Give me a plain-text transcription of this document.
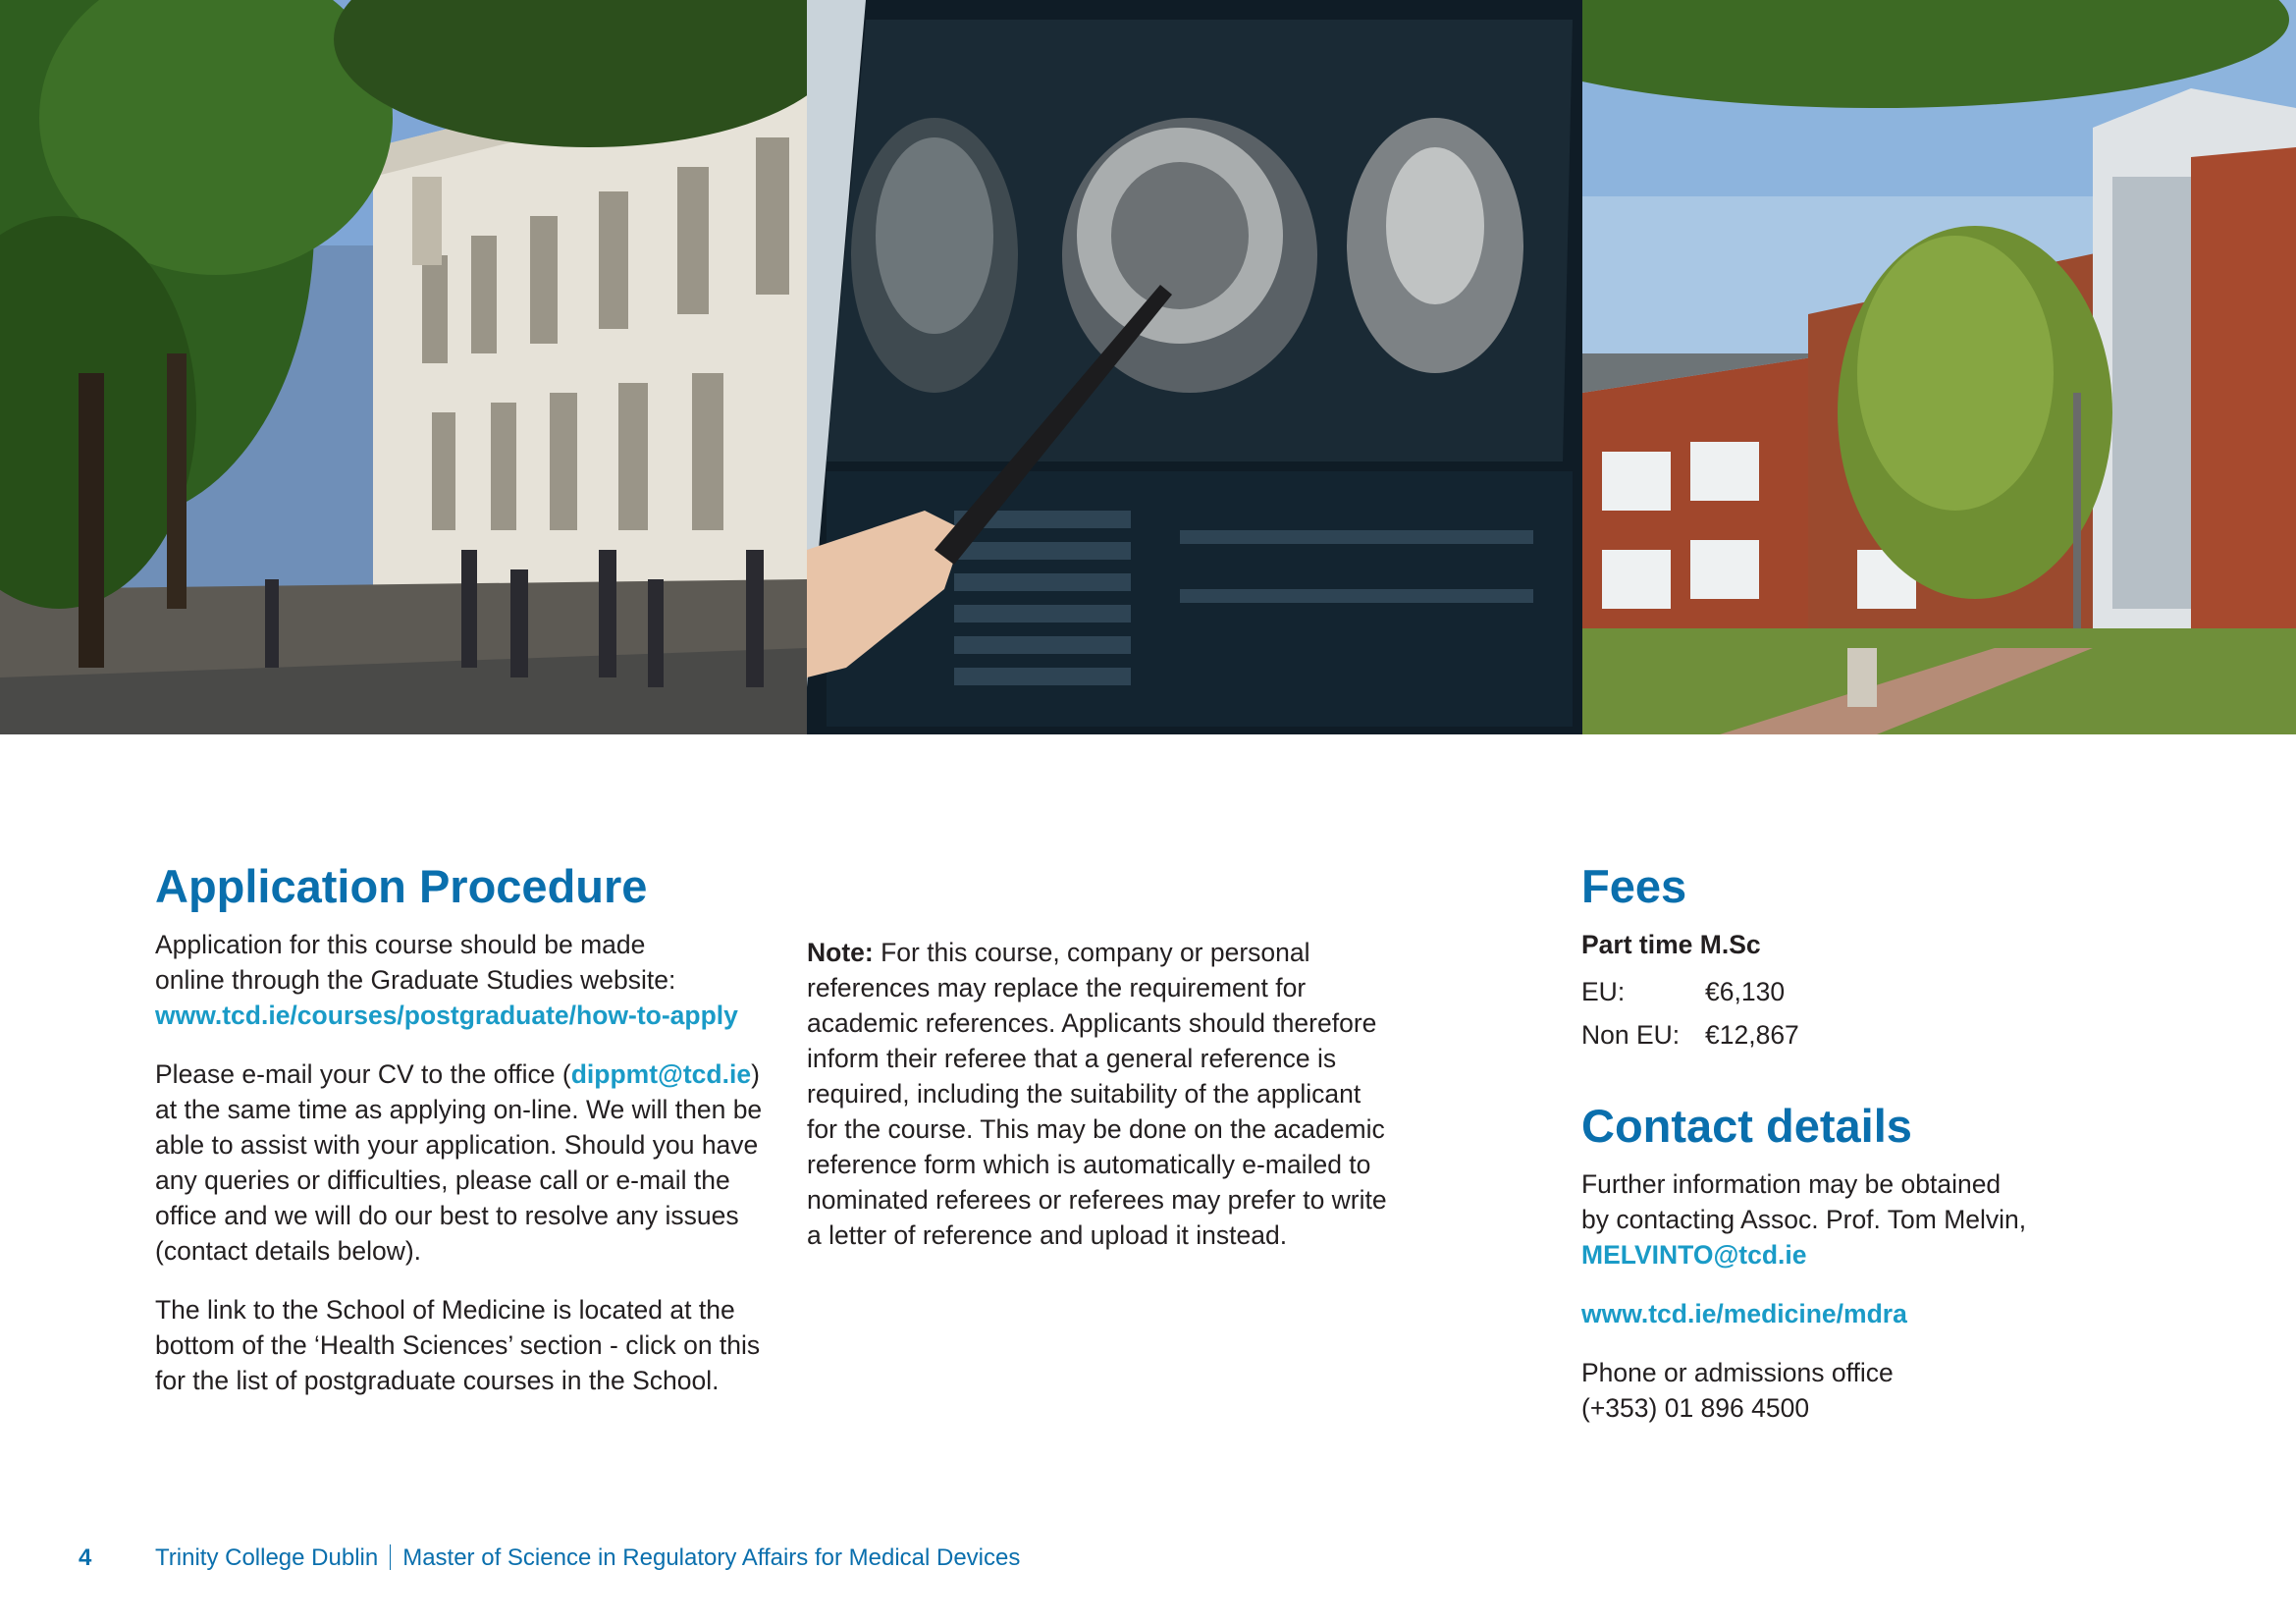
Application Procedure

Application for this course should be made
online through the Graduate Studies website:
www.tcd.ie/courses/postgraduate/how-to-apply

Please e-mail your CV to the office (dippmt@tcd.ie)
at the same time as applying on-line. We will then be
able to assist with your application. Should you have
any queries or difficulties, please call or e-mail the
office and we will do our best to resolve any issues
(contact details below).

The link to the School of Medicine is located at the
bottom of the ‘Health Sciences’ section - click on this
for the list of postgraduate courses in the School.

Note: For this course, company or personal
references may replace the requirement for
academic references. Applicants should therefore
inform their referee that a general reference is
required, including the suitability of the applicant
for the course. This may be done on the academic
reference form which is automatically e-mailed to
nominated referees or referees may prefer to write
a letter of reference and upload it instead.

Fees
Part time M.Sc
EU:	€6,130
Non EU: €12,867
Contact details

Further information may be obtained
by contacting Assoc. Prof. Tom Melvin,
MELVINTO@tcd.ie

www.tcd.ie/medicine/mdra

Phone or admissions office
(+353) 01 896 4500

4	Trinity College Dublin Master of Science in Regulatory Affairs for Medical Devices
